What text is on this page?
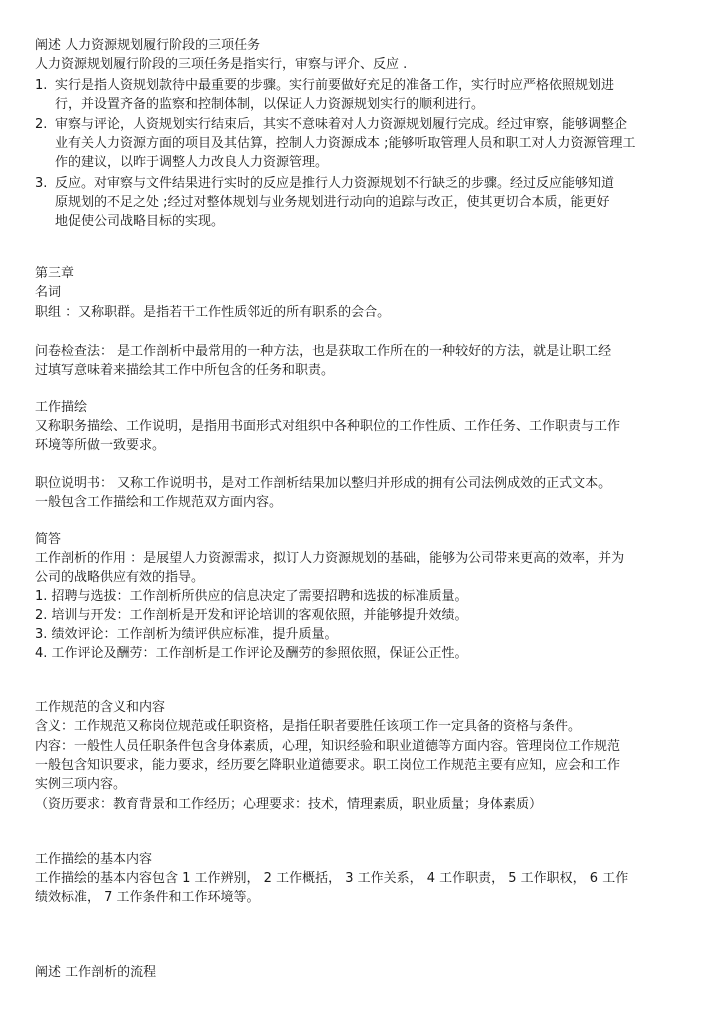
阐述 人力资源规划履行阶段的三项任务
人力资源规划履行阶段的三项任务是指实行，审察与评介、反应 .
1. 实行是指人资规划款待中最重要的步骤。实行前要做好充足的准备工作，实行时应严格依照规划进
行，并设置齐备的监察和控制体制，以保证人力资源规划实行的顺利进行。
2. 审察与评论，人资规划实行结束后，其实不意味着对人力资源规划履行完成。经过审察，能够调整企
业有关人力资源方面的项目及其估算，控制人力资源成本 ;能够听取管理人员和职工对人力资源管理工
作的建议，以昨于调整人力改良人力资源管理。
3. 反应。对审察与文件结果进行实时的反应是推行人力资源规划不行缺乏的步骤。经过反应能够知道
原规划的不足之处 ;经过对整体规划与业务规划进行动向的追踪与改正，使其更切合本质，能更好
地促使公司战略目标的实现。
第三章
名词
职组 ：又称职群。是指若干工作性质邻近的所有职系的会合。
问卷检查法： 是工作剖析中最常用的一种方法，也是获取工作所在的一种较好的方法，就是让职工经
过填写意味着来描绘其工作中所包含的任务和职责。
工作描绘
又称职务描绘、工作说明，是指用书面形式对组织中各种职位的工作性质、工作任务、工作职责与工作
环境等所做一致要求。
职位说明书： 又称工作说明书，是对工作剖析结果加以整归并形成的拥有公司法例成效的正式文本。
一般包含工作描绘和工作规范双方面内容。
简答
工作剖析的作用 ：是展望人力资源需求，拟订人力资源规划的基础，能够为公司带来更高的效率，并为
公司的战略供应有效的指导。
1. 招聘与选拔：工作剖析所供应的信息决定了需要招聘和选拔的标准质量。
2. 培训与开发：工作剖析是开发和评论培训的客观依照，并能够提升效绩。
3. 绩效评论：工作剖析为绩评供应标准，提升质量。
4. 工作评论及酬劳：工作剖析是工作评论及酬劳的参照依照，保证公正性。
工作规范的含义和内容
含义：工作规范又称岗位规范或任职资格，是指任职者要胜任该项工作一定具备的资格与条件。
内容：一般性人员任职条件包含身体素质，心理，知识经验和职业道德等方面内容。管理岗位工作规范
一般包含知识要求，能力要求，经历要乞降职业道德要求。职工岗位工作规范主要有应知，应会和工作
实例三项内容。
（资历要求：教育背景和工作经历；心理要求：技术，情理素质，职业质量；身体素质）
工作描绘的基本内容
工作描绘的基本内容包含 1 工作辨别， 2 工作概括， 3 工作关系， 4 工作职责， 5 工作职权， 6 工作
绩效标准， 7 工作条件和工作环境等。
阐述 工作剖析的流程
